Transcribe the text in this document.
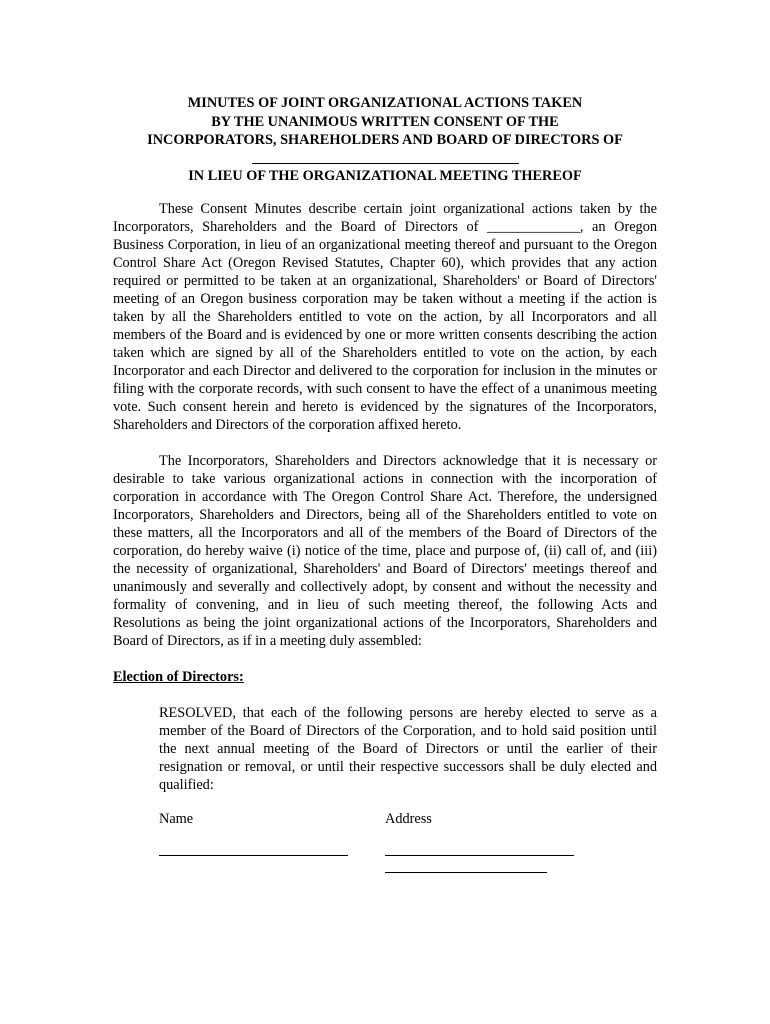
MINUTES OF JOINT ORGANIZATIONAL ACTIONS TAKEN
BY THE UNANIMOUS WRITTEN CONSENT OF THE
INCORPORATORS, SHAREHOLDERS AND BOARD OF DIRECTORS OF
IN LIEU OF THE ORGANIZATIONAL MEETING THEREOF

These Consent Minutes describe certain joint organizational actions taken by the Incorporators, Shareholders and the Board of Directors of _____________, an Oregon Business Corporation, in lieu of an organizational meeting thereof and pursuant to the Oregon Control Share Act (Oregon Revised Statutes, Chapter 60), which provides that any action required or permitted to be taken at an organizational, Shareholders' or Board of Directors' meeting of an Oregon business corporation may be taken without a meeting if the action is taken by all the Shareholders entitled to vote on the action, by all Incorporators and all members of the Board and is evidenced by one or more written consents describing the action taken which are signed by all of the Shareholders entitled to vote on the action, by each Incorporator and each Director and delivered to the corporation for inclusion in the minutes or filing with the corporate records, with such consent to have the effect of a unanimous meeting vote. Such consent herein and hereto is evidenced by the signatures of the Incorporators, Shareholders and Directors of the corporation affixed hereto.

The Incorporators, Shareholders and Directors acknowledge that it is necessary or desirable to take various organizational actions in connection with the incorporation of corporation in accordance with The Oregon Control Share Act. Therefore, the undersigned Incorporators, Shareholders and Directors, being all of the Shareholders entitled to vote on these matters, all the Incorporators and all of the members of the Board of Directors of the corporation, do hereby waive (i) notice of the time, place and purpose of, (ii) call of, and (iii) the necessity of organizational, Shareholders' and Board of Directors' meetings thereof and unanimously and severally and collectively adopt, by consent and without the necessity and formality of convening, and in lieu of such meeting thereof, the following Acts and Resolutions as being the joint organizational actions of the Incorporators, Shareholders and Board of Directors, as if in a meeting duly assembled:

Election of Directors:
RESOLVED, that each of the following persons are hereby elected to serve as a member of the Board of Directors of the Corporation, and to hold said position until the next annual meeting of the Board of Directors or until the earlier of their resignation or removal, or until their respective successors shall be duly elected and qualified:
Name	Address
